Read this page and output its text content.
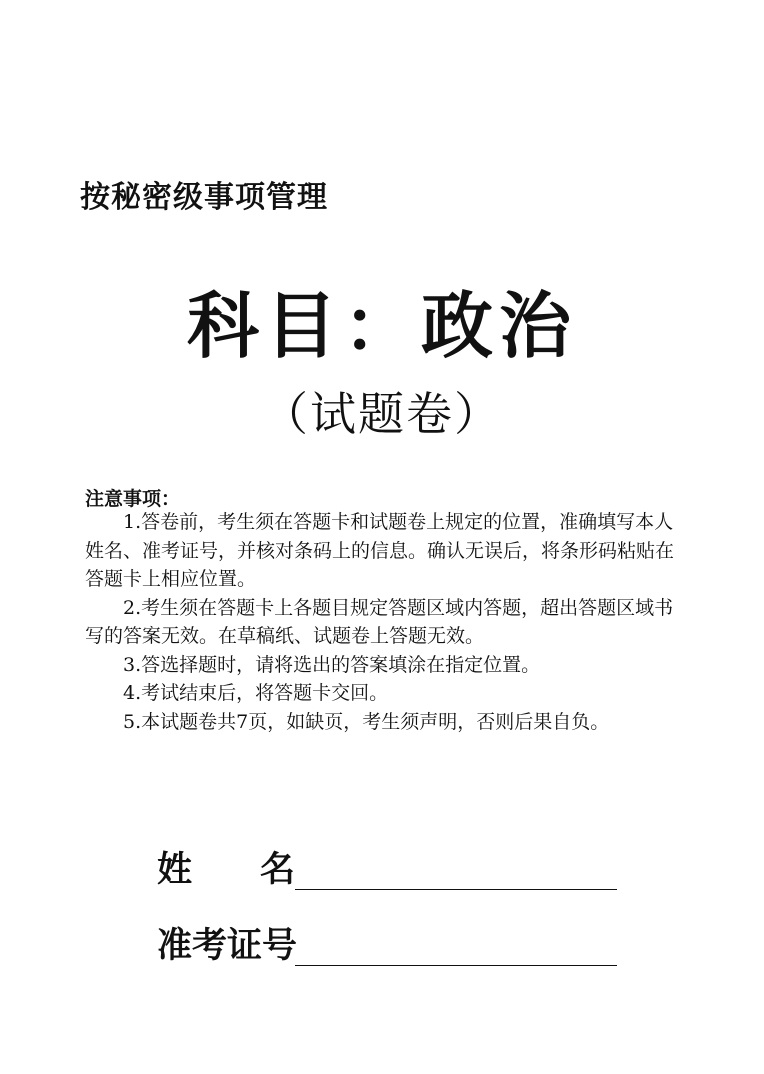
按秘密级事项管理
科目：政治
（试题卷）
注意事项：

1.答卷前，考生须在答题卡和试题卷上规定的位置，准确填写本人姓名、准考证号，并核对条码上的信息。确认无误后，将条形码粘贴在答题卡上相应位置。

2.考生须在答题卡上各题目规定答题区域内答题，超出答题区域书写的答案无效。在草稿纸、试题卷上答题无效。

3.答选择题时，请将选出的答案填涂在指定位置。

4.考试结束后，将答题卡交回。

5.本试题卷共7页，如缺页，考生须声明，否则后果自负。

姓 名
准考证号
